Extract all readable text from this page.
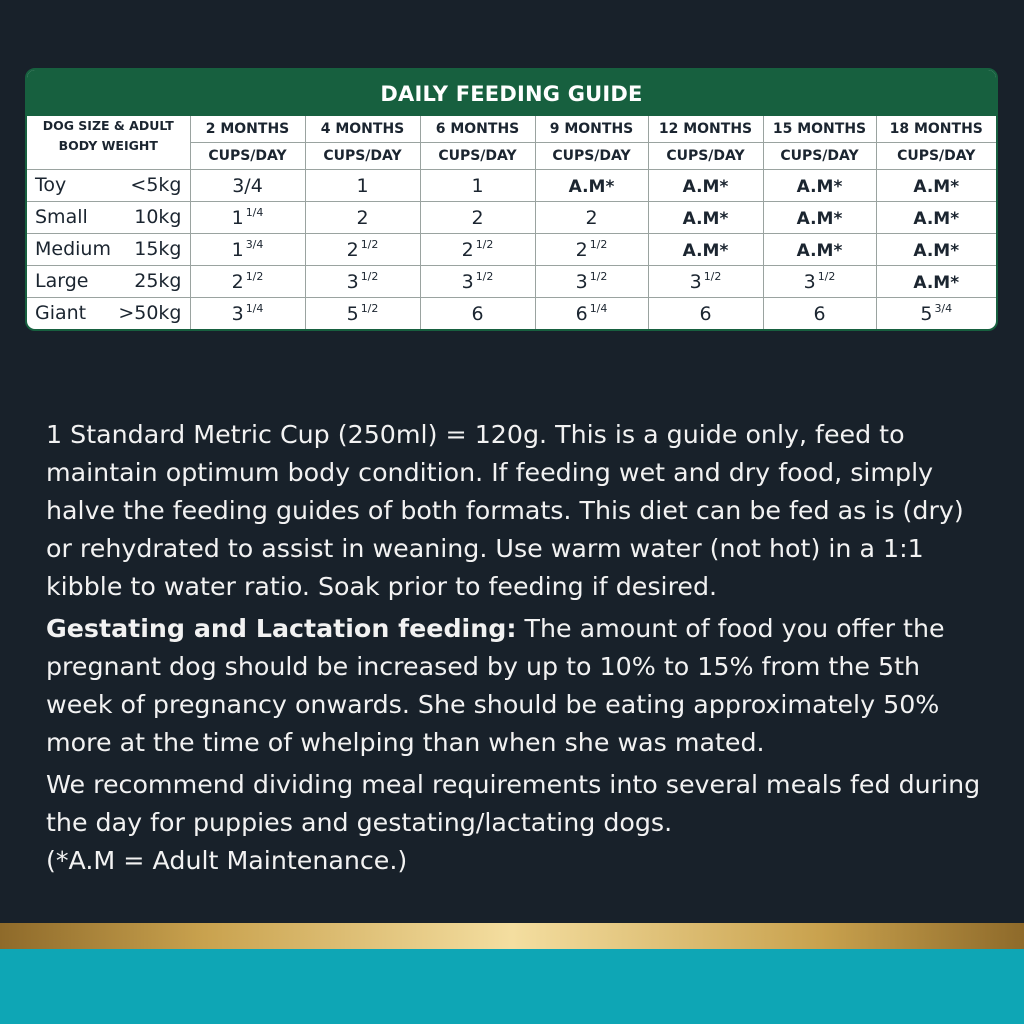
DAILY FEEDING GUIDE
DOG SIZE & ADULT
BODY WEIGHT	2 MONTHS	4 MONTHS	6 MONTHS	9 MONTHS	12 MONTHS	15 MONTHS	18 MONTHS
	CUPS/DAY	CUPS/DAY	CUPS/DAY	CUPS/DAY	CUPS/DAY	CUPS/DAY	CUPS/DAY

Toy <5kg	3/4	1	1	A.M*	A.M*	A.M*	A.M*

Small 10kg	1 $^{1/4}$	2	2	2	A.M*	A.M*	A.M*

Medium 15kg	1 $^{3/4}$	2 $^{1/2}$	2 $^{1/2}$	2 $^{1/2}$	A.M*	A.M*	A.M*

Large 25kg	2 $^{1/2}$	3 $^{1/2}$	3 $^{1/2}$	3 $^{1/2}$	3 $^{1/2}$	3 $^{1/2}$	A.M*

Giant >50kg	3 $^{1/4}$	5 $^{1/2}$	6	6 $^{1/4}$	6	6	5 $^{3/4}$

1 Standard Metric Cup (250ml) = 120g. This is a guide only, feed to maintain optimum body condition. If feeding wet and dry food, simply halve the feeding guides of both formats. This diet can be fed as is (dry) or rehydrated to assist in weaning. Use warm water (not hot) in a 1:1 kibble to water ratio. Soak prior to feeding if desired.

Gestating and Lactation feeding: The amount of food you offer the pregnant dog should be increased by up to 10% to 15% from the 5th week of pregnancy onwards. She should be eating approximately 50% more at the time of whelping than when she was mated.

We recommend dividing meal requirements into several meals fed during the day for puppies and gestating/lactating dogs.

(*A.M = Adult Maintenance.)
